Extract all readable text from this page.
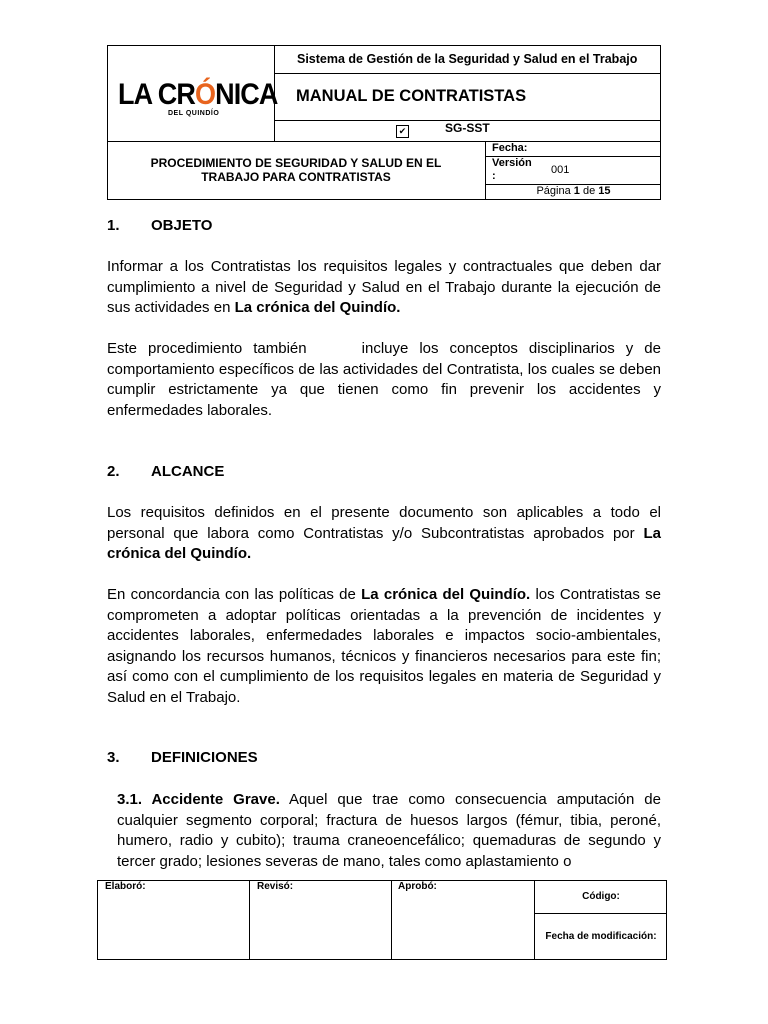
LA CRÓNICA
DEL QUINDÍO
Sistema de Gestión de la Seguridad y Salud en el Trabajo
MANUAL DE CONTRATISTAS
✔	SG-SST
PROCEDIMIENTO DE SEGURIDAD Y SALUD EN EL
TRABAJO PARA CONTRATISTAS
Fecha:
Versión
:	001
Página 1 de 15
1. OBJETO
Informar a los Contratistas los requisitos legales y contractuales que deben dar cumplimiento a nivel de Seguridad y Salud en el Trabajo durante la ejecución de sus actividades en La crónica del Quindío.
Este procedimiento también     incluye los conceptos disciplinarios y de comportamiento específicos de las actividades del Contratista, los cuales se deben cumplir estrictamente ya que tienen como fin prevenir los accidentes y enfermedades laborales.
2. ALCANCE
Los requisitos definidos en el presente documento son aplicables a todo el personal que labora como Contratistas y/o Subcontratistas aprobados por La crónica del Quindío.
En concordancia con las políticas de La crónica del Quindío. los Contratistas se comprometen a adoptar políticas orientadas a la prevención de incidentes y accidentes laborales, enfermedades laborales e impactos socio-ambientales, asignando los recursos humanos, técnicos y financieros necesarios para este fin; así como con el cumplimiento de los requisitos legales en materia de Seguridad y Salud en el Trabajo.
3. DEFINICIONES
3.1. Accidente Grave. Aquel que trae como consecuencia amputación de cualquier segmento corporal; fractura de huesos largos (fémur, tibia, peroné, humero, radio y cubito); trauma craneoencefálico; quemaduras de segundo y tercer grado; lesiones severas de mano, tales como aplastamiento o
Elaboró:	Revisó:	Aprobó:
Código:
Fecha de modificación:
